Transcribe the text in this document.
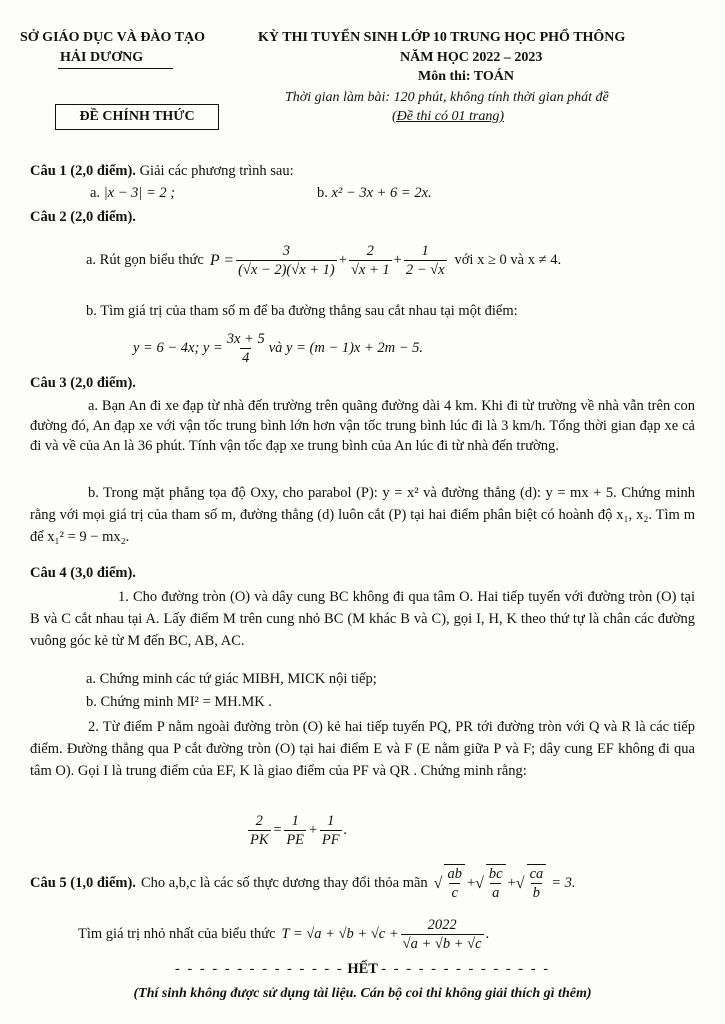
SỞ GIÁO DỤC VÀ ĐÀO TẠO
HẢI DƯƠNG
KỲ THI TUYỂN SINH LỚP 10 TRUNG HỌC PHỔ THÔNG
NĂM HỌC 2022 – 2023
Môn thi: TOÁN
Thời gian làm bài: 120 phút, không tính thời gian phát đề
(Đề thi có 01 trang)
ĐỀ CHÍNH THỨC
Câu 1 (2,0 điểm). Giải các phương trình sau:
a. |x − 3| = 2 ;	b. x² − 3x + 6 = 2x.
Câu 2 (2,0 điểm).
a. Rút gọn biểu thức $P = \frac{3}{(√x - 2)(√x + 1)} + \frac{2}{√x + 1} + \frac{1}{2 - √x}$ với x ≥ 0 và x ≠ 4.
b. Tìm giá trị của tham số m để ba đường thẳng sau cắt nhau tại một điểm:
y = 6 − 4x; $y = \frac{3x + 5}{4}$ và y = (m − 1)x + 2m − 5.
Câu 3 (2,0 điểm).
a. Bạn An đi xe đạp từ nhà đến trường trên quãng đường dài 4 km. Khi đi từ trường về nhà vẫn trên con đường đó, An đạp xe với vận tốc trung bình lớn hơn vận tốc trung bình lúc đi là 3 km/h. Tổng thời gian đạp xe cả đi và về của An là 36 phút. Tính vận tốc đạp xe trung bình của An lúc đi từ nhà đến trường.
b. Trong mặt phẳng tọa độ Oxy, cho parabol (P): y = x² và đường thẳng (d): y = mx + 5. Chứng minh rằng với mọi giá trị của tham số m, đường thẳng (d) luôn cắt (P) tại hai điểm phân biệt có hoành độ x₁, x₂. Tìm m để x₁² = 9 − mx₂.
Câu 4 (3,0 điểm).
1. Cho đường tròn (O) và dây cung BC không đi qua tâm O. Hai tiếp tuyến với đường tròn (O) tại B và C cắt nhau tại A. Lấy điểm M trên cung nhỏ BC (M khác B và C), gọi I, H, K theo thứ tự là chân các đường vuông góc kẻ từ M đến BC, AB, AC.
a. Chứng minh các tứ giác MIBH, MICK nội tiếp;
b. Chứng minh MI² = MH.MK .
2. Từ điểm P nằm ngoài đường tròn (O) kẻ hai tiếp tuyến PQ, PR tới đường tròn với Q và R là các tiếp điểm. Đường thẳng qua P cắt đường tròn (O) tại hai điểm E và F (E nằm giữa P và F; dây cung EF không đi qua tâm O). Gọi I là trung điểm của EF, K là giao điểm của PF và QR . Chứng minh rằng:
$\frac{2}{PK} = \frac{1}{PE} + \frac{1}{PF}$ .
Câu 5 (1,0 điểm). Cho a,b,c là các số thực dương thay đổi thỏa mãn √ $\frac{ab}{c}$ + √ $\frac{bc}{a}$ + √ $\frac{ca}{b} = 3$.
Tìm giá trị nhỏ nhất của biểu thức $T = √a + √b + √c + \frac{2022}{√a + √b + √c}$ .
- - - - - - - - - - - - - - HẾT - - - - - - - - - - - - - -
(Thí sinh không được sử dụng tài liệu. Cán bộ coi thi không giải thích gì thêm)
